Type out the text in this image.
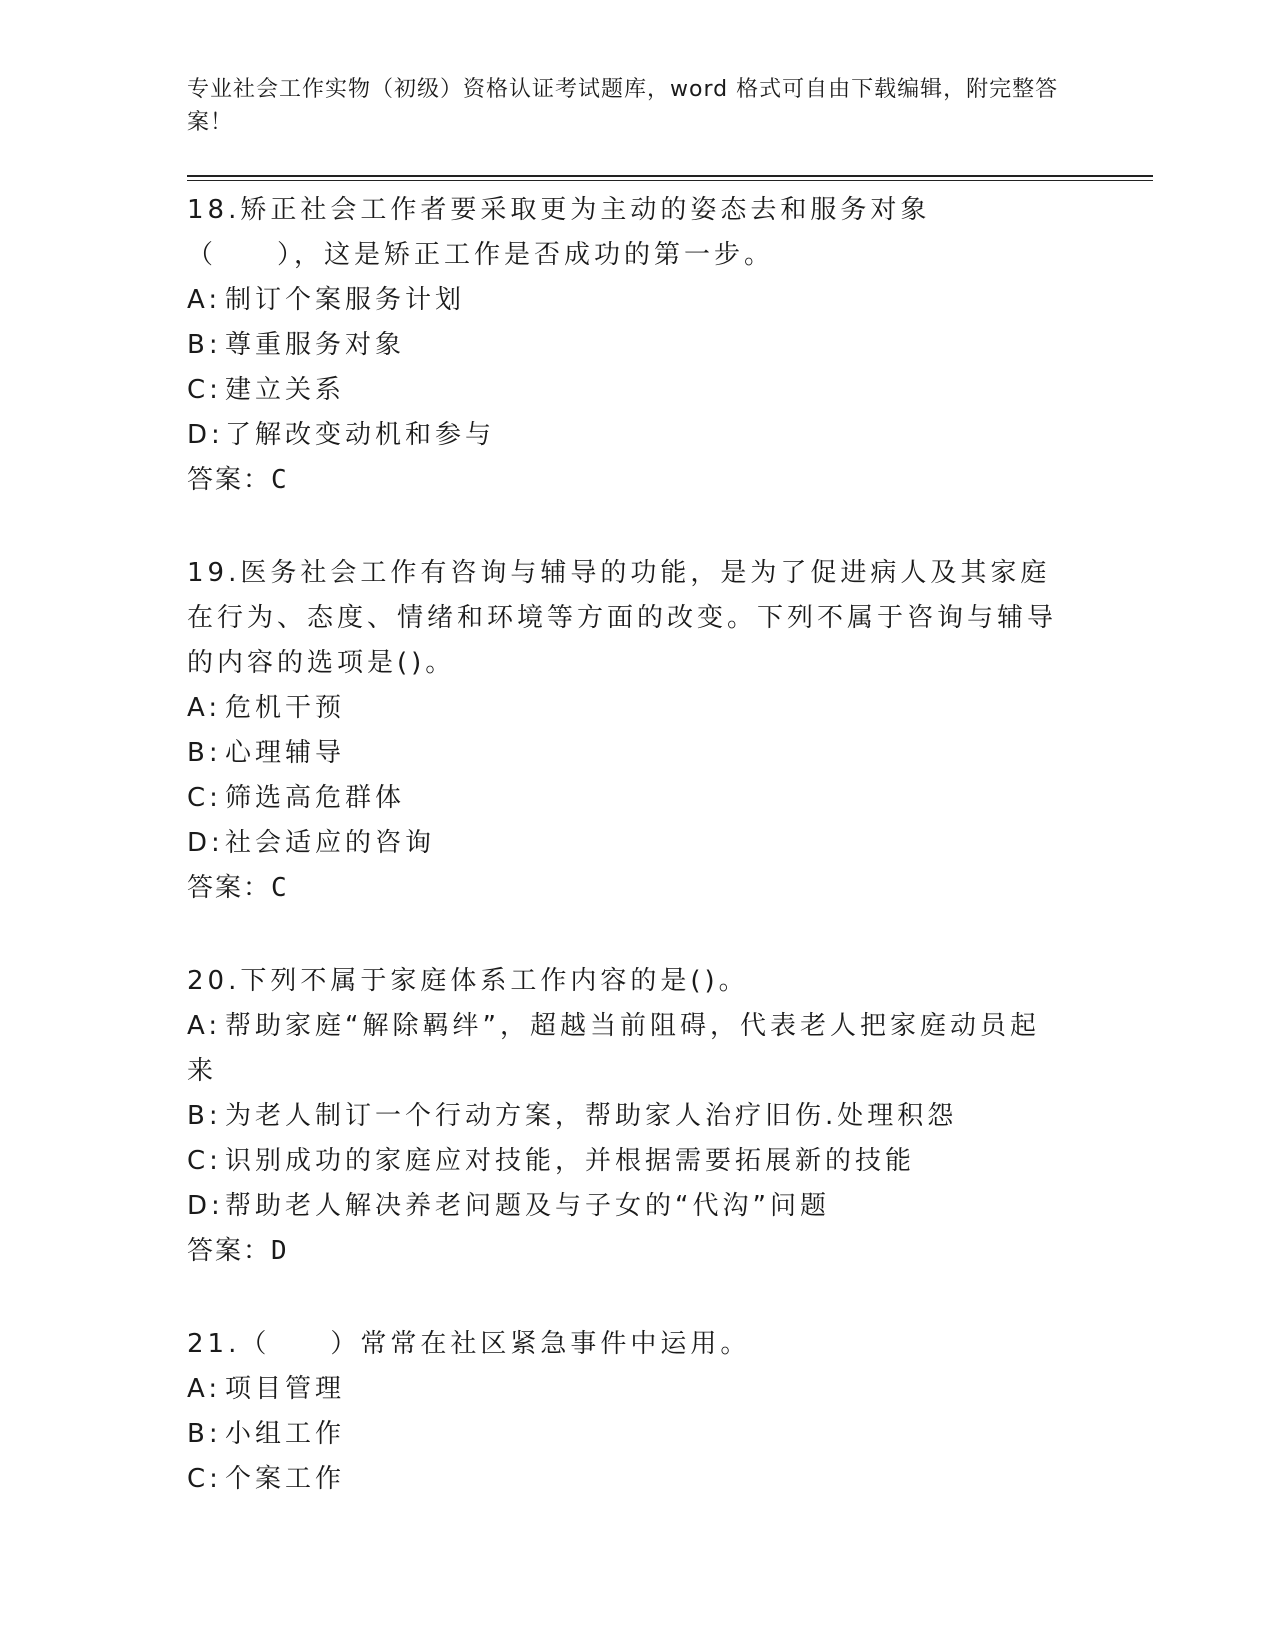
专业社会工作实物（初级）资格认证考试题库，word 格式可自由下载编辑，附完整答案！
18.矫正社会工作者要采取更为主动的姿态去和服务对象（　　），这是矫正工作是否成功的第一步。
A: 制订个案服务计划
B: 尊重服务对象
C: 建立关系
D:了解改变动机和参与
答案：C
19.医务社会工作有咨询与辅导的功能，是为了促进病人及其家庭在行为、态度、情绪和环境等方面的改变。下列不属于咨询与辅导的内容的选项是()。
A: 危机干预
B: 心理辅导
C: 筛选高危群体
D:社会适应的咨询
答案：C
20.下列不属于家庭体系工作内容的是()。
A: 帮助家庭“解除羁绊”，超越当前阻碍，代表老人把家庭动员起来
B: 为老人制订一个行动方案，帮助家人治疗旧伤.处理积怨
C: 识别成功的家庭应对技能，并根据需要拓展新的技能
D:帮助老人解决养老问题及与子女的“代沟”问题
答案：D
21.（　　）常常在社区紧急事件中运用。
A: 项目管理
B: 小组工作
C: 个案工作
